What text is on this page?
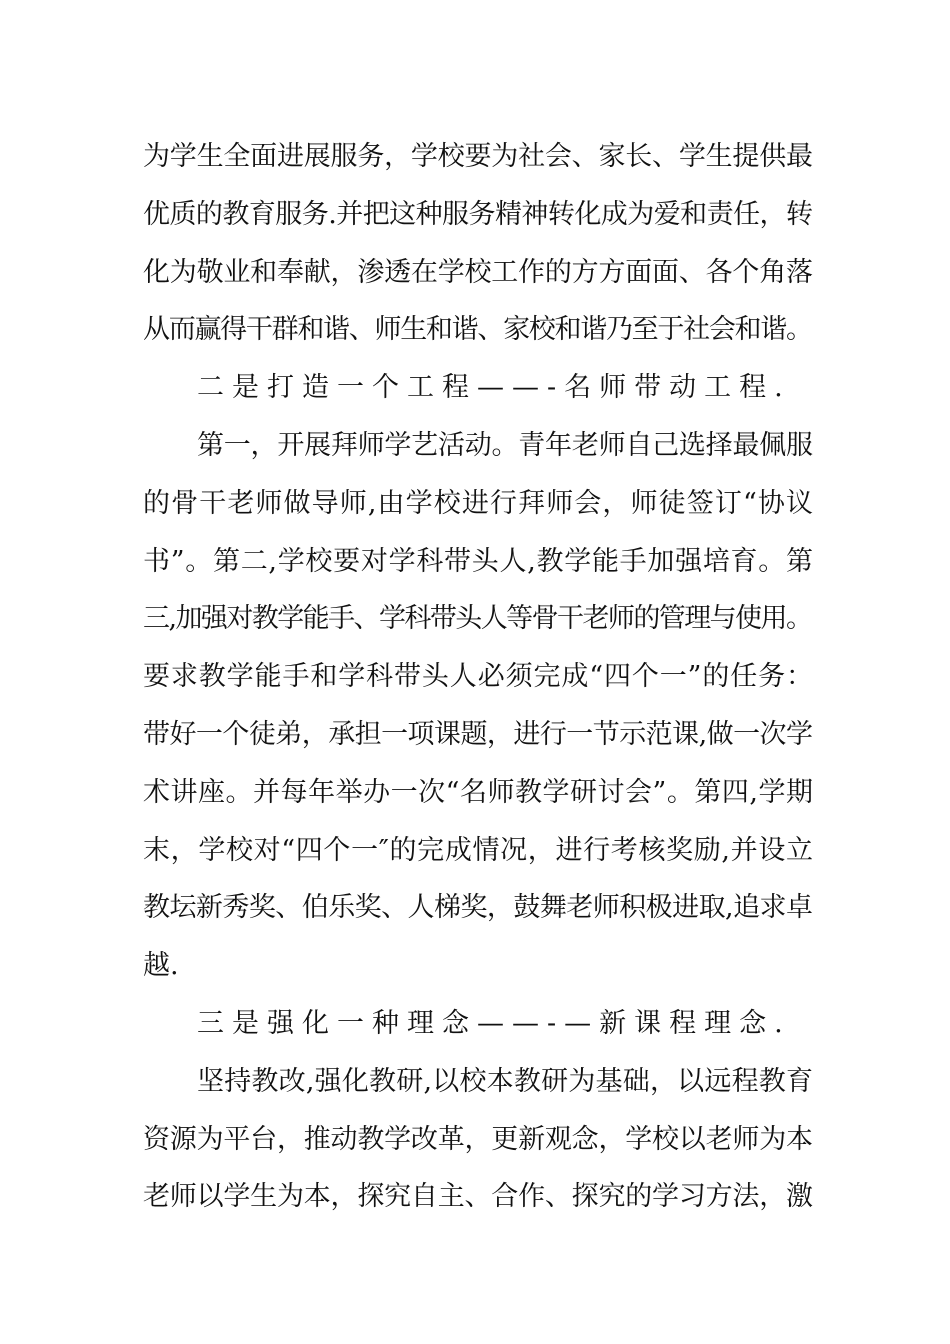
为学生全面进展服务，学校要为社会、家长、学生提供最
优质的教育服务.并把这种服务精神转化成为爱和责任，转
化为敬业和奉献，渗透在学校工作的方方面面、各个角落
从而赢得干群和谐、师生和谐、家校和谐乃至于社会和谐。
二是打造一个工程——-名师带动工程.
第一，开展拜师学艺活动。青年老师自己选择最佩服
的骨干老师做导师,由学校进行拜师会，师徒签订“协议
书”。第二,学校要对学科带头人,教学能手加强培育。第
三,加强对教学能手、学科带头人等骨干老师的管理与使用。
要求教学能手和学科带头人必须完成“四个一”的任务：
带好一个徒弟，承担一项课题，进行一节示范课,做一次学
术讲座。并每年举办一次“名师教学研讨会”。第四,学期
末，学校对“四个一″的完成情况，进行考核奖励,并设立
教坛新秀奖、伯乐奖、人梯奖，鼓舞老师积极进取,追求卓
越.
三是强化一种理念——-—新课程理念.
坚持教改,强化教研,以校本教研为基础，以远程教育
资源为平台，推动教学改革，更新观念，学校以老师为本
老师以学生为本，探究自主、合作、探究的学习方法，激
